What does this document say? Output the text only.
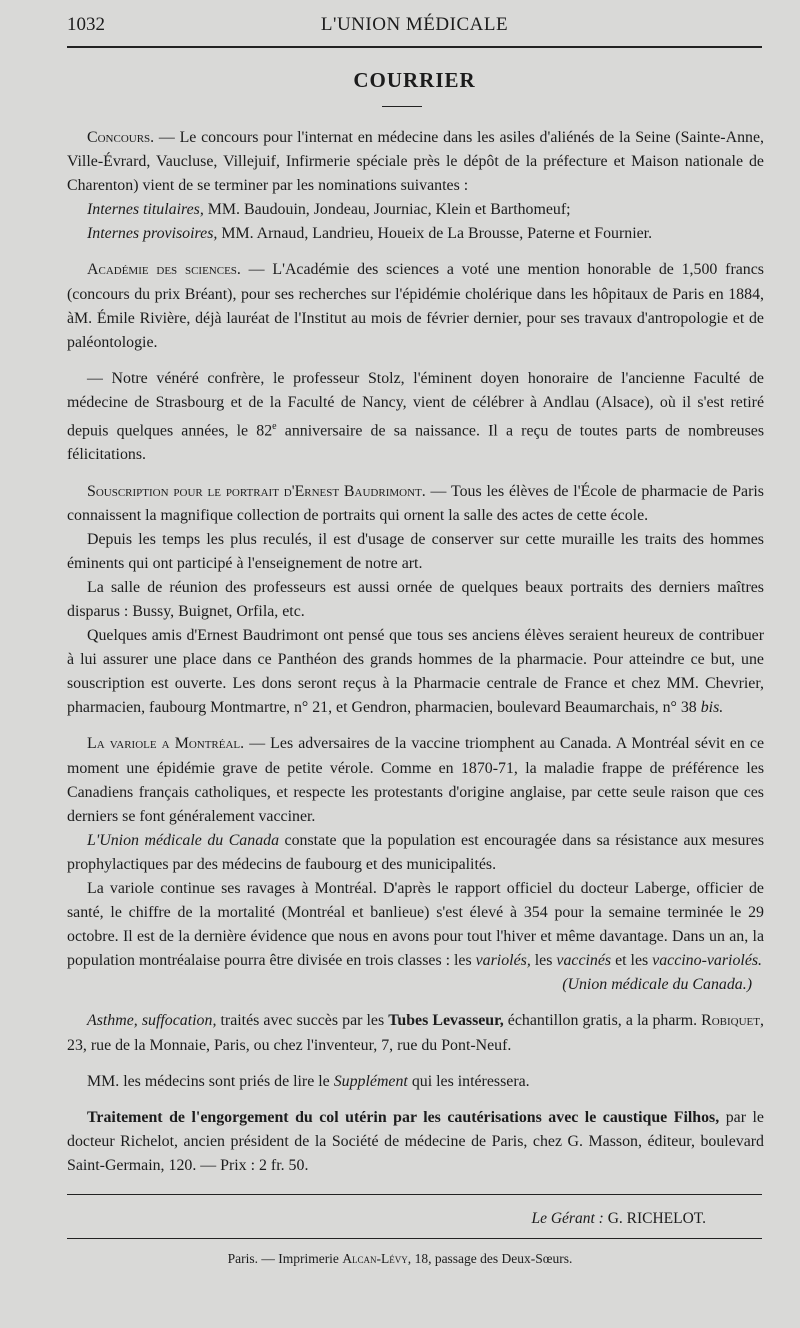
1032	L'UNION MÉDICALE
COURRIER

Concours. — Le concours pour l'internat en médecine dans les asiles d'aliénés de la Seine (Sainte-Anne, Ville-Évrard, Vaucluse, Villejuif, Infirmerie spéciale près le dépôt de la préfecture et Maison nationale de Charenton) vient de se terminer par les nominations suivantes :

Internes titulaires, MM. Baudouin, Jondeau, Journiac, Klein et Barthomeuf;

Internes provisoires, MM. Arnaud, Landrieu, Houeix de La Brousse, Paterne et Fournier.

Académie des sciences. — L'Académie des sciences a voté une mention honorable de 1,500 francs (concours du prix Bréant), pour ses recherches sur l'épidémie cholérique dans les hôpitaux de Paris en 1884, àM. Émile Rivière, déjà lauréat de l'Institut au mois de février dernier, pour ses travaux d'antropologie et de paléontologie.

— Notre vénéré confrère, le professeur Stolz, l'éminent doyen honoraire de l'ancienne Faculté de médecine de Strasbourg et de la Faculté de Nancy, vient de célébrer à Andlau (Alsace), où il s'est retiré depuis quelques années, le 82e anniversaire de sa naissance. Il a reçu de toutes parts de nombreuses félicitations.

Souscription pour le portrait d'Ernest Baudrimont. — Tous les élèves de l'École de pharmacie de Paris connaissent la magnifique collection de portraits qui ornent la salle des actes de cette école.

Depuis les temps les plus reculés, il est d'usage de conserver sur cette muraille les traits des hommes éminents qui ont participé à l'enseignement de notre art.

La salle de réunion des professeurs est aussi ornée de quelques beaux portraits des derniers maîtres disparus : Bussy, Buignet, Orfila, etc.

Quelques amis d'Ernest Baudrimont ont pensé que tous ses anciens élèves seraient heureux de contribuer à lui assurer une place dans ce Panthéon des grands hommes de la pharmacie. Pour atteindre ce but, une souscription est ouverte. Les dons seront reçus à la Pharmacie centrale de France et chez MM. Chevrier, pharmacien, faubourg Montmartre, n° 21, et Gendron, pharmacien, boulevard Beaumarchais, n° 38 bis.

La variole a Montréal. — Les adversaires de la vaccine triomphent au Canada. A Montréal sévit en ce moment une épidémie grave de petite vérole. Comme en 1870-71, la maladie frappe de préférence les Canadiens français catholiques, et respecte les protestants d'origine anglaise, par cette seule raison que ces derniers se font généralement vacciner.

L'Union médicale du Canada constate que la population est encouragée dans sa résistance aux mesures prophylactiques par des médecins de faubourg et des municipalités.

La variole continue ses ravages à Montréal. D'après le rapport officiel du docteur Laberge, officier de santé, le chiffre de la mortalité (Montréal et banlieue) s'est élevé à 354 pour la semaine terminée le 29 octobre. Il est de la dernière évidence que nous en avons pour tout l'hiver et même davantage. Dans un an, la population montréalaise pourra être divisée en trois classes : les variolés, les vaccinés et les vaccino-variolés.

(Union médicale du Canada.)

Asthme, suffocation, traités avec succès par les Tubes Levasseur, échantillon gratis, a la pharm. Robiquet, 23, rue de la Monnaie, Paris, ou chez l'inventeur, 7, rue du Pont-Neuf.

MM. les médecins sont priés de lire le Supplément qui les intéressera.

Traitement de l'engorgement du col utérin par les cautérisations avec le caustique Filhos, par le docteur Richelot, ancien président de la Société de médecine de Paris, chez G. Masson, éditeur, boulevard Saint-Germain, 120. — Prix : 2 fr. 50.

Le Gérant : G. RICHELOT.
Paris. — Imprimerie Alcan-Lévy, 18, passage des Deux-Sœurs.
